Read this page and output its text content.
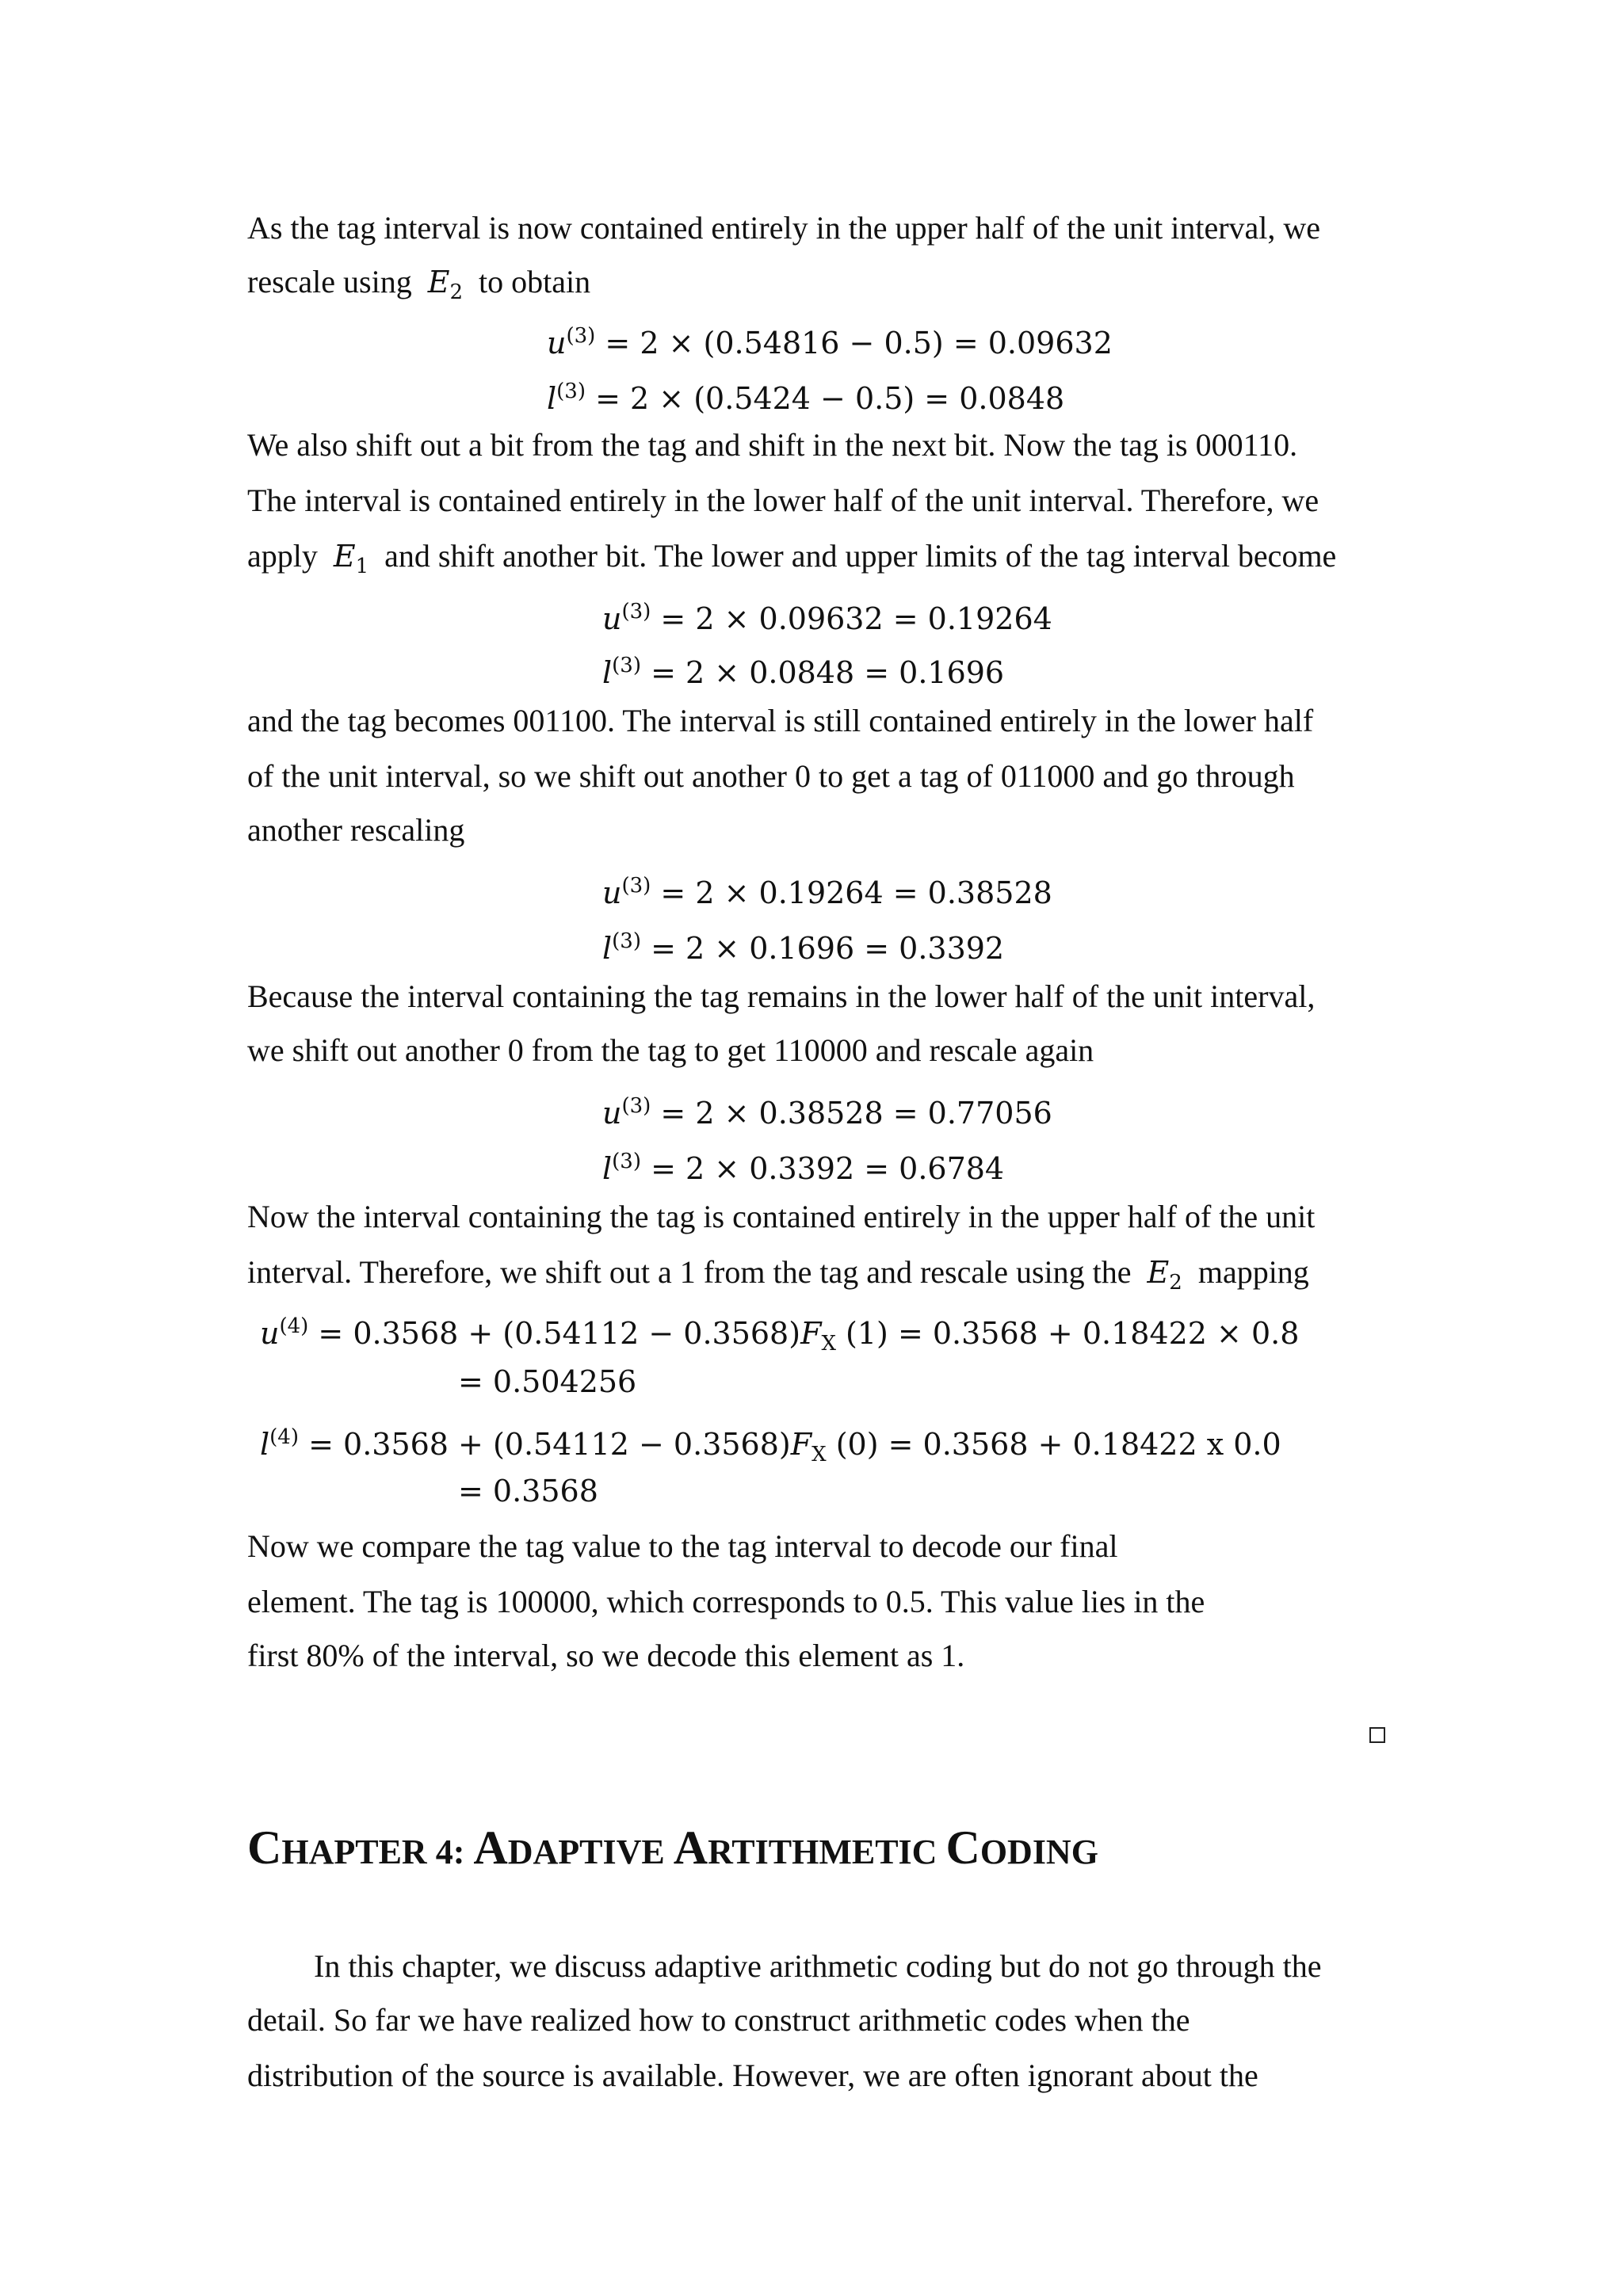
As the tag interval is now contained entirely in the upper half of the unit interval, we
rescale using $E_2$ to obtain
$u^{(3)} = 2 \times (0.54816 - 0.5) = 0.09632$
$l^{(3)} = 2 \times (0.5424 - 0.5) = 0.0848$
We also shift out a bit from the tag and shift in the next bit. Now the tag is 000110.
The interval is contained entirely in the lower half of the unit interval. Therefore, we
apply $E_1$ and shift another bit. The lower and upper limits of the tag interval become
$u^{(3)} = 2 \times 0.09632 = 0.19264$
$l^{(3)} = 2 \times 0.0848 = 0.1696$
and the tag becomes 001100. The interval is still contained entirely in the lower half
of the unit interval, so we shift out another 0 to get a tag of 011000 and go through
another rescaling
$u^{(3)} = 2 \times 0.19264 = 0.38528$
$l^{(3)} = 2 \times 0.1696 = 0.3392$
Because the interval containing the tag remains in the lower half of the unit interval,
we shift out another 0 from the tag to get 110000 and rescale again
$u^{(3)} = 2 \times 0.38528 = 0.77056$
$l^{(3)} = 2 \times 0.3392 = 0.6784$
Now the interval containing the tag is contained entirely in the upper half of the unit
interval. Therefore, we shift out a 1 from the tag and rescale using the $E_2$ mapping
$u^{(4)} = 0.3568 + (0.54112 - 0.3568)F_X$ (1) = 0.3568 + 0.18422 × 0.8
= 0.504256
$l^{(4)} = 0.3568 + (0.54112 - 0.3568)F_X$ (0) = 0.3568 + 0.18422 x 0.0
= 0.3568
Now we compare the tag value to the tag interval to decode our final
element. The tag is 100000, which corresponds to 0.5. This value lies in the
first 80% of the interval, so we decode this element as 1.
CHAPTER 4: ADAPTIVE ARTITHMETIC CODING
In this chapter, we discuss adaptive arithmetic coding but do not go through the
detail. So far we have realized how to construct arithmetic codes when the
distribution of the source is available. However, we are often ignorant about the
